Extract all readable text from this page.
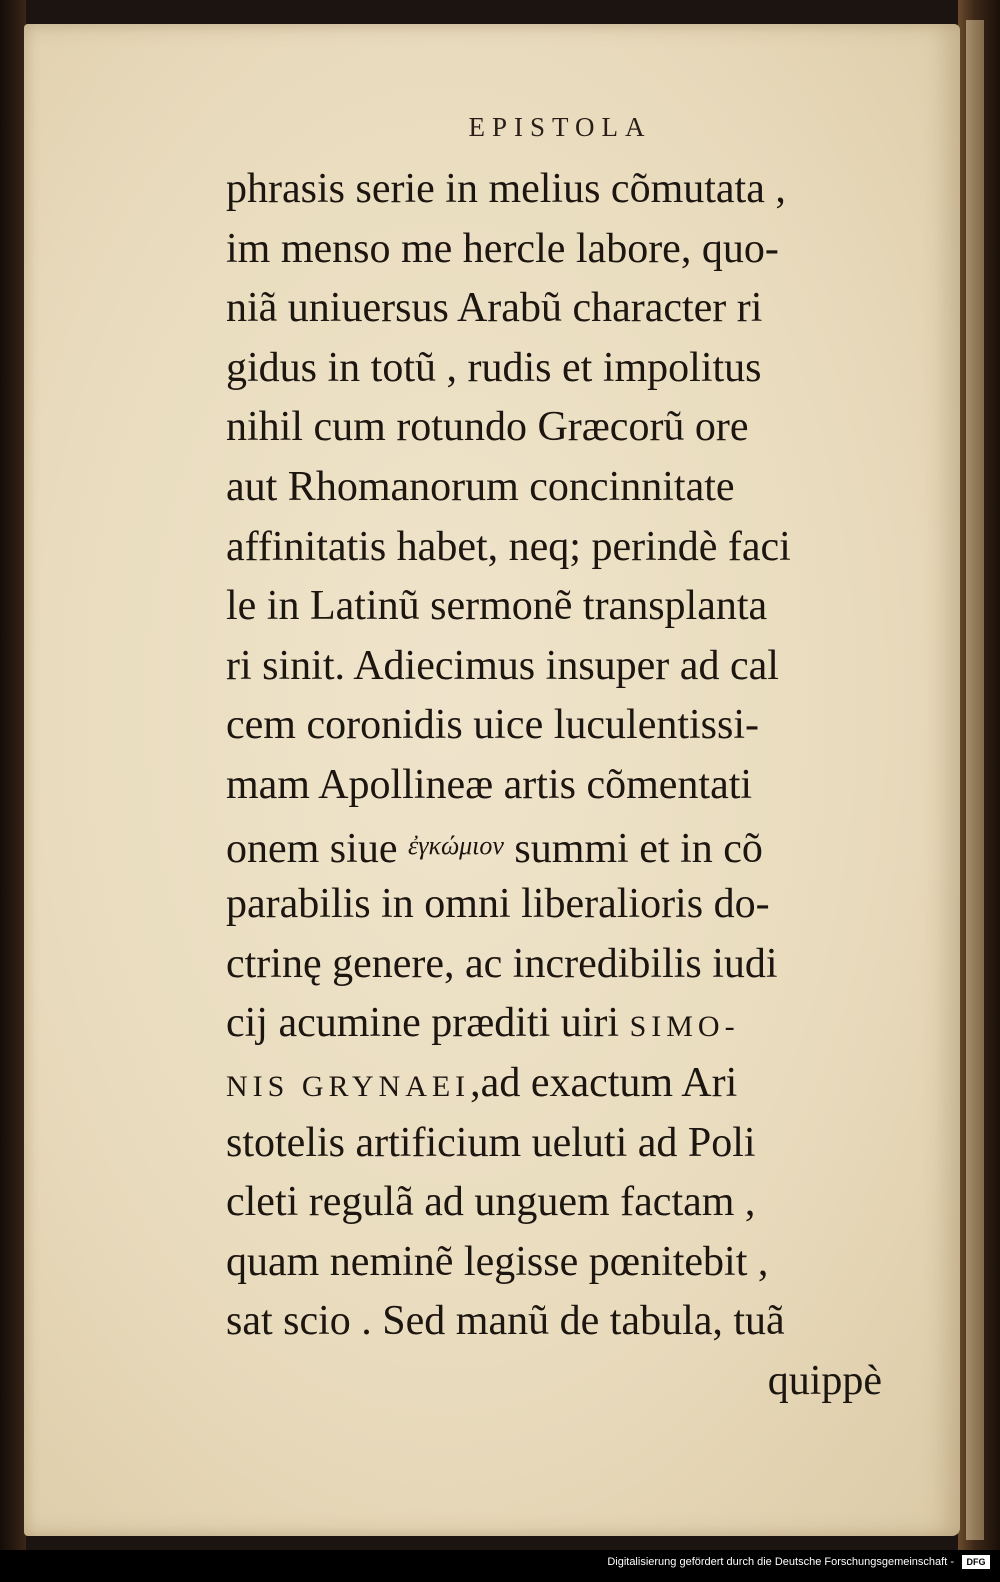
EPISTOLA
phrasis serie in melius cõmutata ,
im menso me hercle labore, quo-
niã uniuersus Arabũ character ri
gidus in totũ , rudis et impolitus
nihil cum rotundo Græcorũ ore
aut Rhomanorum concinnitate
affinitatis habet, neq; perindè faci
le in Latinũ sermonẽ transplanta
ri sinit. Adiecimus insuper ad cal
cem coronidis uice luculentissi-
mam Apollineæ artis cõmentati
onem siue ἐγκώμιον summi et in cõ
parabilis in omni liberalioris do-
ctrinę genere, ac incredibilis iudi
cij acumine præditi uiri SIMO-
NIS GRYNAEI,ad exactum Ari
stotelis artificium ueluti ad Poli
cleti regulã ad unguem factam ,
quam neminẽ legisse pœnitebit ,
sat scio . Sed manũ de tabula, tuã
quippè
Digitalisierung gefördert durch die Deutsche Forschungsgemeinschaft -	DFG
